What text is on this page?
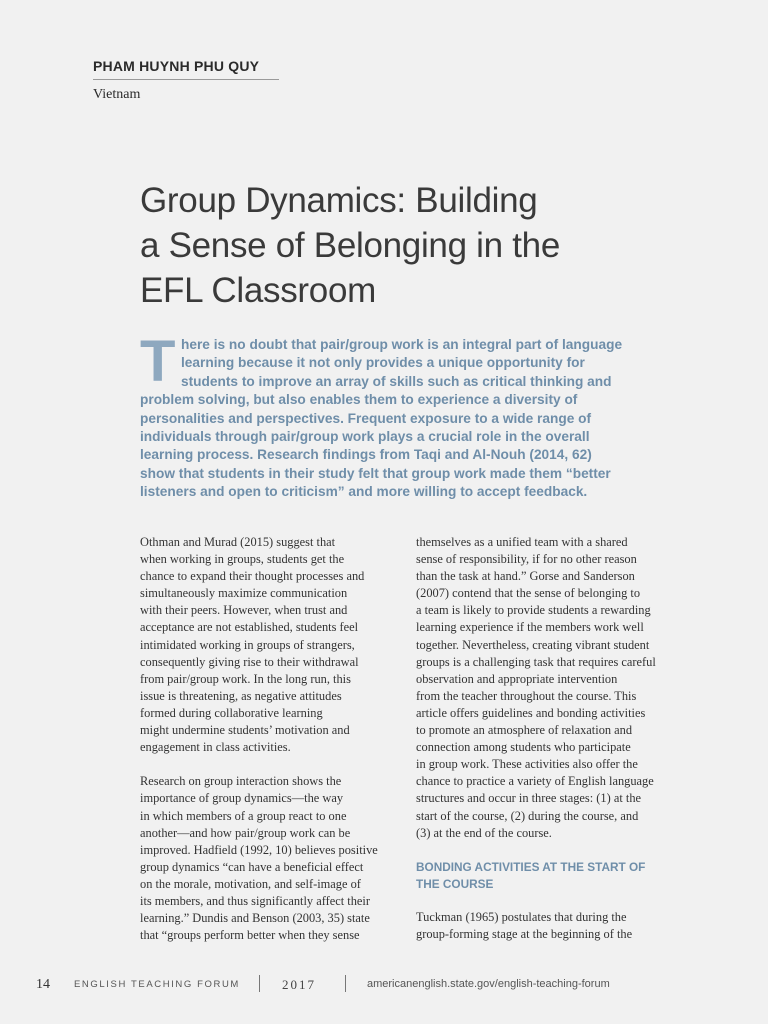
PHAM HUYNH PHU QUY
Vietnam
Group Dynamics: Building
a Sense of Belonging in the
EFL Classroom
T here is no doubt that pair/group work is an integral part of language
learning because it not only provides a unique opportunity for
students to improve an array of skills such as critical thinking and
problem solving, but also enables them to experience a diversity of
personalities and perspectives. Frequent exposure to a wide range of
individuals through pair/group work plays a crucial role in the overall
learning process. Research findings from Taqi and Al-Nouh (2014, 62)
show that students in their study felt that group work made them “better
listeners and open to criticism” and more willing to accept feedback.
Othman and Murad (2015) suggest that
when working in groups, students get the
chance to expand their thought processes and
simultaneously maximize communication
with their peers. However, when trust and
acceptance are not established, students feel
intimidated working in groups of strangers,
consequently giving rise to their withdrawal
from pair/group work. In the long run, this
issue is threatening, as negative attitudes
formed during collaborative learning
might undermine students’ motivation and
engagement in class activities.
Research on group interaction shows the
importance of group dynamics—the way
in which members of a group react to one
another—and how pair/group work can be
improved. Hadfield (1992, 10) believes positive
group dynamics “can have a beneficial effect
on the morale, motivation, and self-image of
its members, and thus significantly affect their
learning.” Dundis and Benson (2003, 35) state
that “groups perform better when they sense
themselves as a unified team with a shared
sense of responsibility, if for no other reason
than the task at hand.” Gorse and Sanderson
(2007) contend that the sense of belonging to
a team is likely to provide students a rewarding
learning experience if the members work well
together. Nevertheless, creating vibrant student
groups is a challenging task that requires careful
observation and appropriate intervention
from the teacher throughout the course. This
article offers guidelines and bonding activities
to promote an atmosphere of relaxation and
connection among students who participate
in group work. These activities also offer the
chance to practice a variety of English language
structures and occur in three stages: (1) at the
start of the course, (2) during the course, and
(3) at the end of the course.
BONDING ACTIVITIES AT THE START OF
THE COURSE
Tuckman (1965) postulates that during the
group-forming stage at the beginning of the
14	ENGLISH TEACHING FORUM	2017	americanenglish.state.gov/english-teaching-forum
